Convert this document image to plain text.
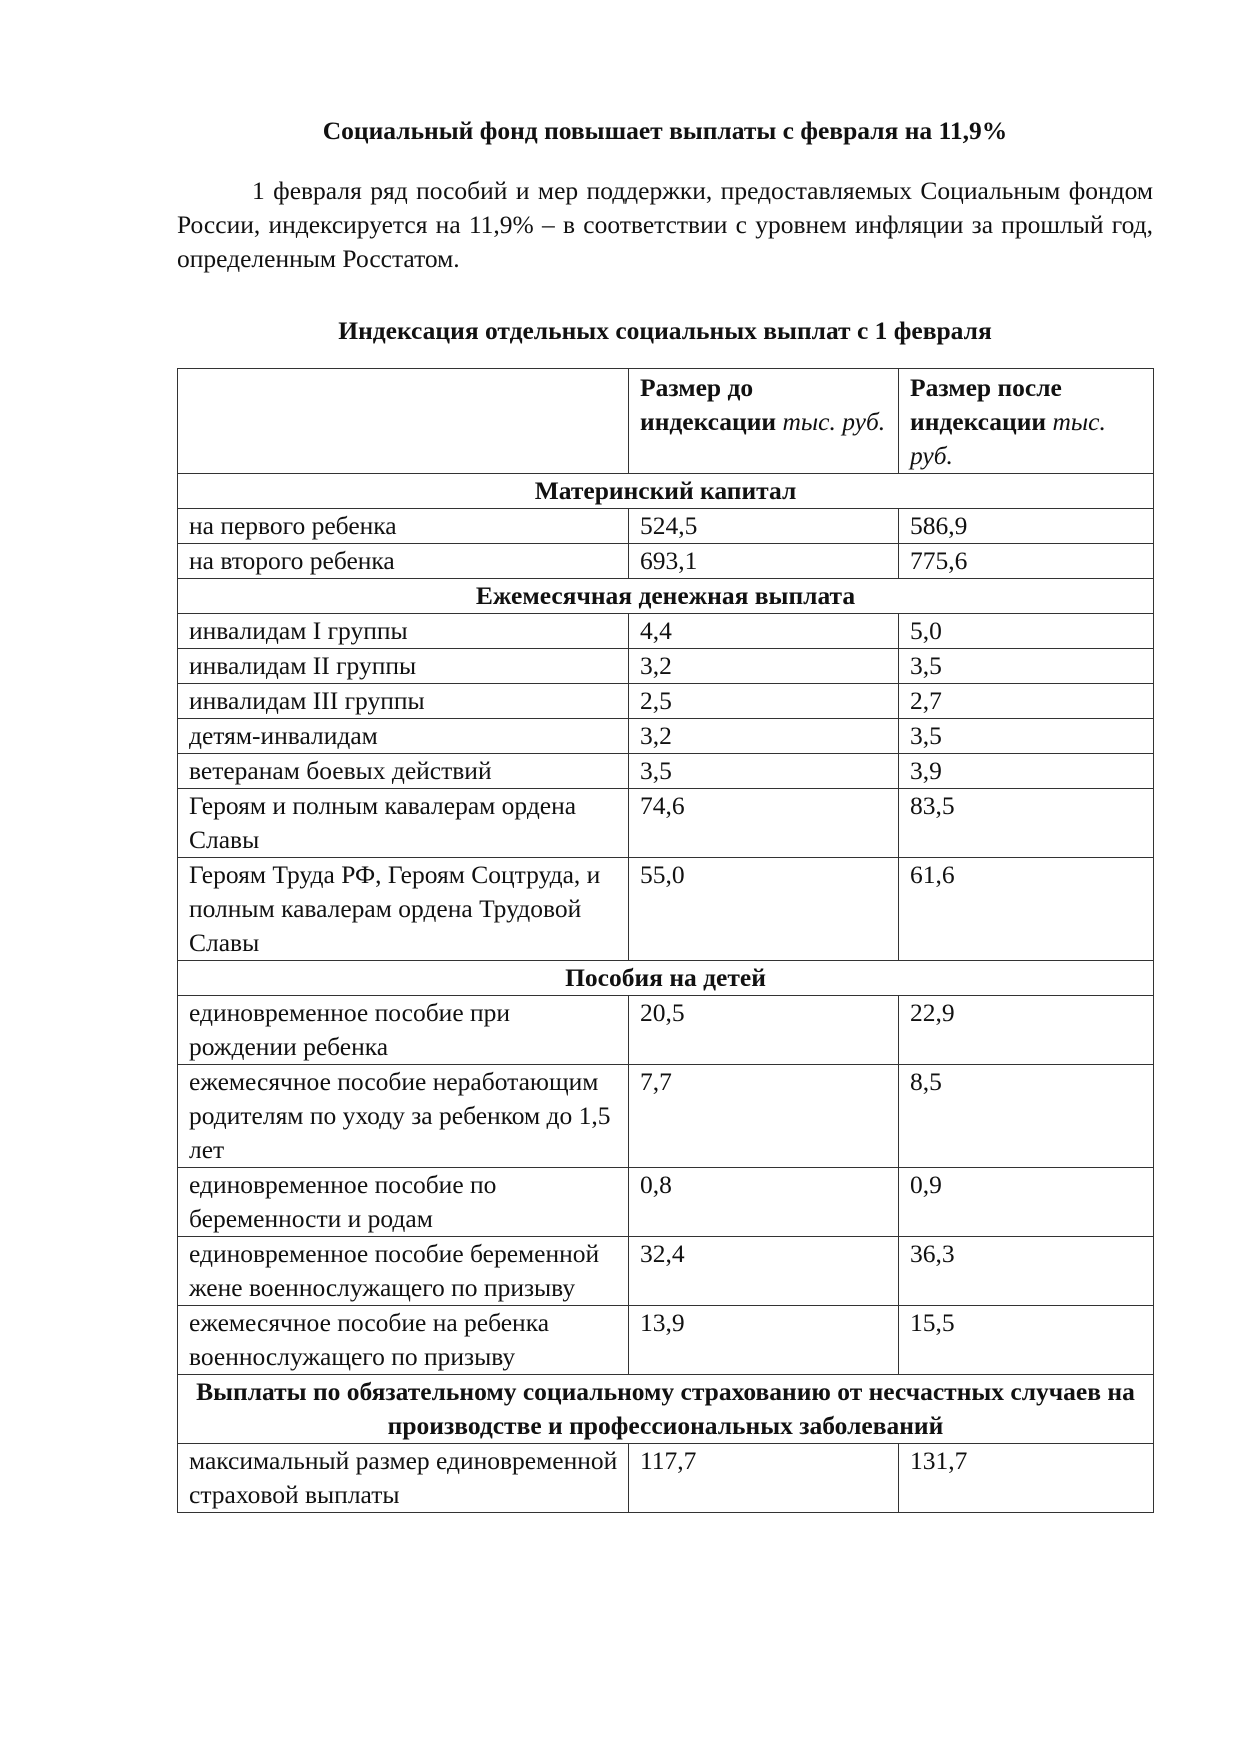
Социальный фонд повышает выплаты с февраля на 11,9%

1 февраля ряд пособий и мер поддержки, предоставляемых Социальным фондом России, индексируется на 11,9% – в соответствии с уровнем инфляции за прошлый год, определенным Росстатом.

Индексация отдельных социальных выплат с 1 февраля

	Размер до индексации тыс. руб.	Размер после индексации тыс. руб.
Материнский капитал		
на первого ребенка	524,5	586,9
на второго ребенка	693,1	775,6
Ежемесячная денежная выплата		
инвалидам I группы	4,4	5,0
инвалидам II группы	3,2	3,5
инвалидам III группы	2,5	2,7
детям-инвалидам	3,2	3,5
ветеранам боевых действий	3,5	3,9
Героям и полным кавалерам ордена Славы	74,6	83,5
Героям Труда РФ, Героям Соцтруда, и полным кавалерам ордена Трудовой Славы	55,0	61,6
Пособия на детей		
единовременное пособие при рождении ребенка	20,5	22,9
ежемесячное пособие неработающим родителям по уходу за ребенком до 1,5 лет	7,7	8,5
единовременное пособие по беременности и родам	0,8	0,9
единовременное пособие беременной жене военнослужащего по призыву	32,4	36,3
ежемесячное пособие на ребенка военнослужащего по призыву	13,9	15,5
Выплаты по обязательному социальному страхованию от несчастных случаев на производстве и профессиональных заболеваний		
максимальный размер единовременной страховой выплаты	117,7	131,7
